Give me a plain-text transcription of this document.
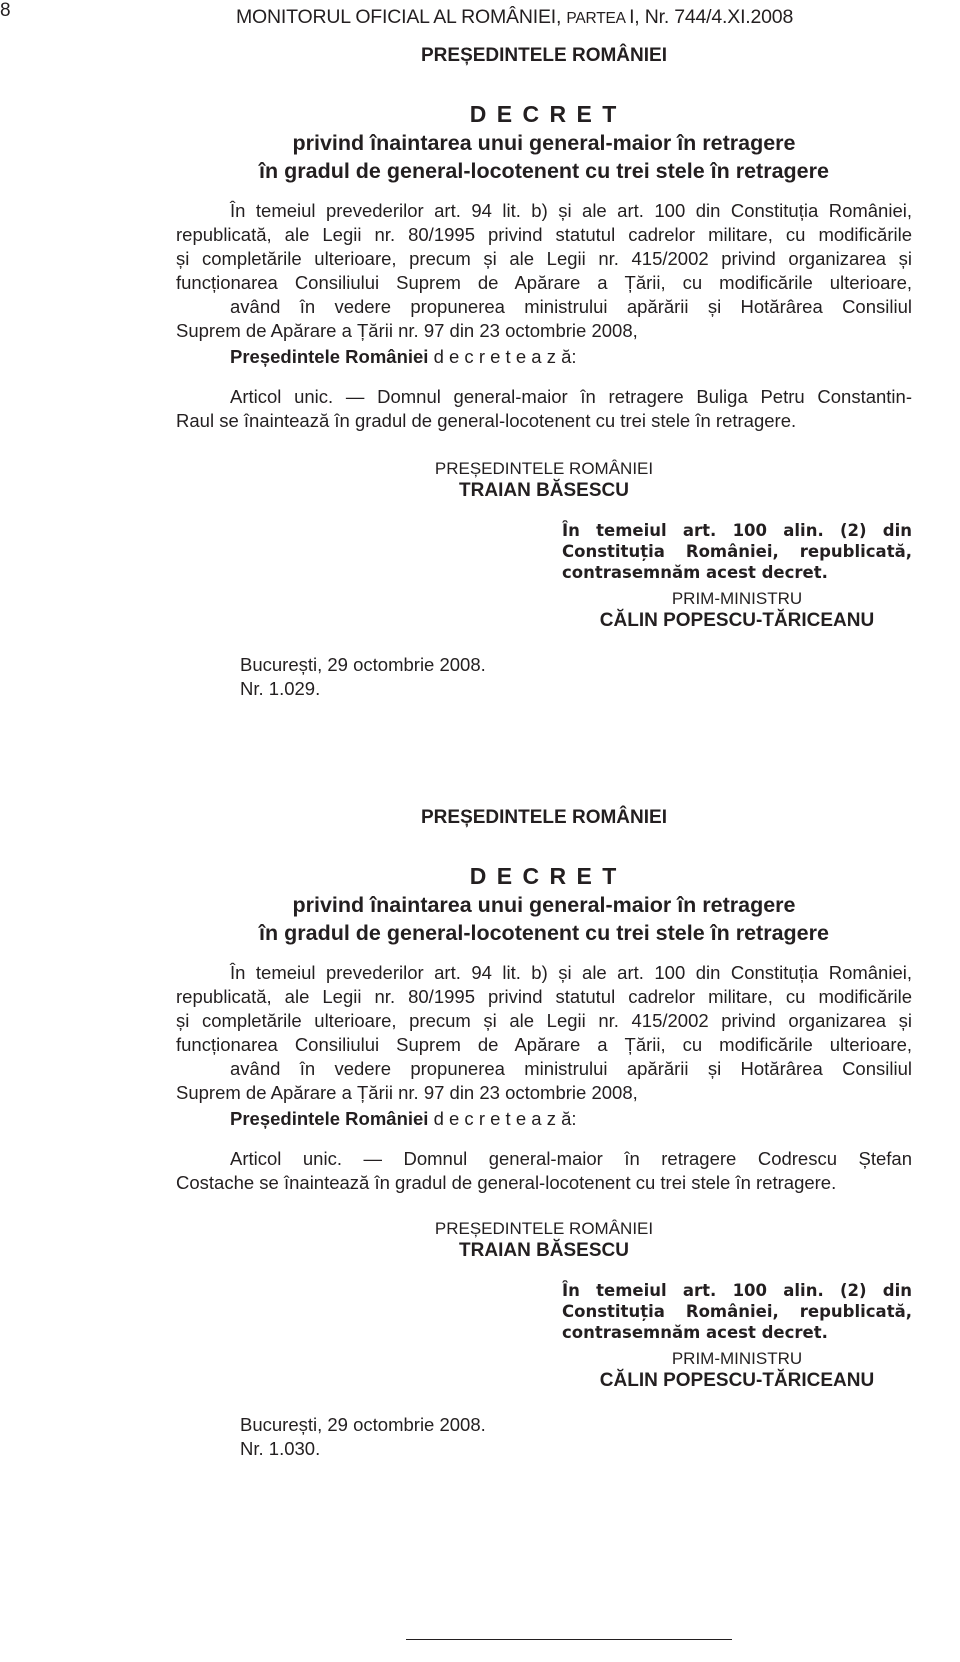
8	MONITORUL OFICIAL AL ROMÂNIEI, PARTEA I, Nr. 744/4.XI.2008
PREȘEDINTELE ROMÂNIEI
D E C R E T
privind înaintarea unui general-maior în retragere
în gradul de general-locotenent cu trei stele în retragere

În temeiul prevederilor art. 94 lit. b) și ale art. 100 din Constituția României,

republicată, ale Legii nr. 80/1995 privind statutul cadrelor militare, cu modificările

și completările ulterioare, precum și ale Legii nr. 415/2002 privind organizarea și

funcționarea Consiliului Suprem de Apărare a Țării, cu modificările ulterioare,

având în vedere propunerea ministrului apărării și Hotărârea Consiliul

Suprem de Apărare a Țării nr. 97 din 23 octombrie 2008,

Președintele României d e c r e t e a z ă:

Articol unic. — Domnul general-maior în retragere Buliga Petru Constantin-

Raul se înaintează în gradul de general-locotenent cu trei stele în retragere.

PREȘEDINTELE ROMÂNIEI
TRAIAN BĂSESCU

În temeiul art. 100 alin. (2) din

Constituția României, republicată,

contrasemnăm acest decret.

PRIM-MINISTRU
CĂLIN POPESCU-TĂRICEANU
București, 29 octombrie 2008.
Nr. 1.029.
PREȘEDINTELE ROMÂNIEI
D E C R E T
privind înaintarea unui general-maior în retragere
în gradul de general-locotenent cu trei stele în retragere

În temeiul prevederilor art. 94 lit. b) și ale art. 100 din Constituția României,

republicată, ale Legii nr. 80/1995 privind statutul cadrelor militare, cu modificările

și completările ulterioare, precum și ale Legii nr. 415/2002 privind organizarea și

funcționarea Consiliului Suprem de Apărare a Țării, cu modificările ulterioare,

având în vedere propunerea ministrului apărării și Hotărârea Consiliul

Suprem de Apărare a Țării nr. 97 din 23 octombrie 2008,

Președintele României d e c r e t e a z ă:

Articol unic. — Domnul general-maior în retragere Codrescu Ștefan

Costache se înaintează în gradul de general-locotenent cu trei stele în retragere.

PREȘEDINTELE ROMÂNIEI
TRAIAN BĂSESCU

În temeiul art. 100 alin. (2) din

Constituția României, republicată,

contrasemnăm acest decret.

PRIM-MINISTRU
CĂLIN POPESCU-TĂRICEANU
București, 29 octombrie 2008.
Nr. 1.030.
